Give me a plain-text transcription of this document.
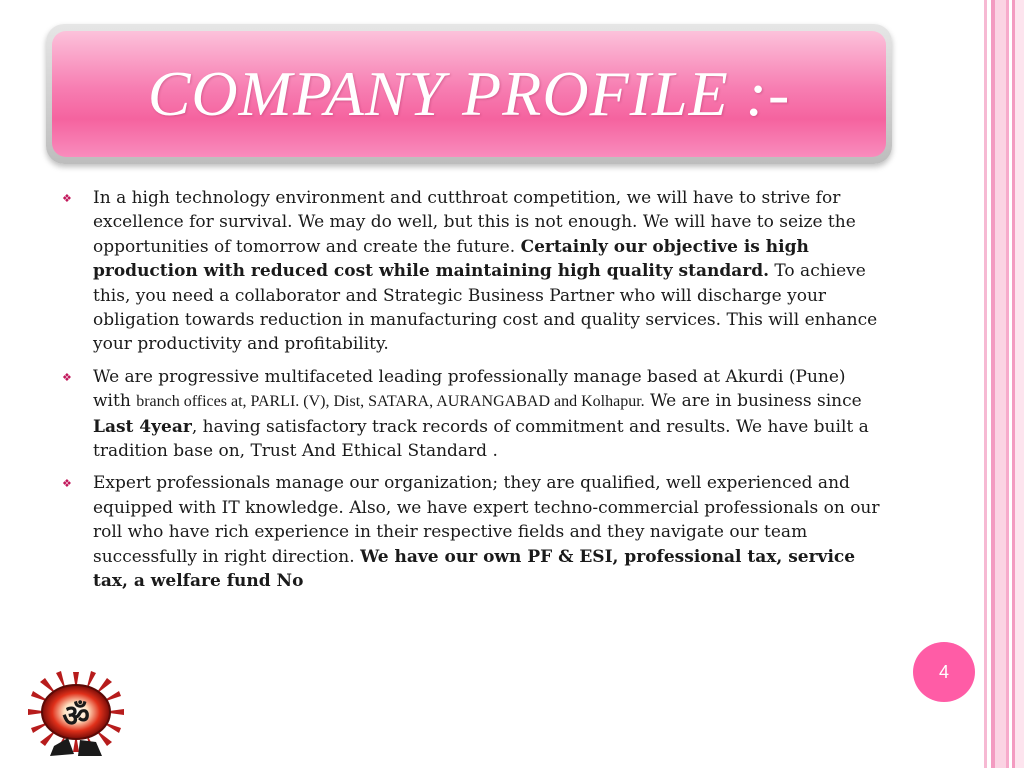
COMPANY PROFILE :-
❖ In a high technology environment and cutthroat competition, we will have to strive for excellence for survival. We may do well, but this is not enough. We will have to seize the opportunities of tomorrow and create the future. Certainly our objective is high production with reduced cost while maintaining high quality standard. To achieve this, you need a collaborator and Strategic Business Partner who will discharge your obligation towards reduction in manufacturing cost and quality services. This will enhance your productivity and profitability.
❖ We are progressive multifaceted leading professionally manage based at Akurdi (Pune) with branch offices at, PARLI. (V), Dist, SATARA, AURANGABAD and Kolhapur. We are in business since Last 4year, having satisfactory track records of commitment and results. We have built a tradition base on, Trust And Ethical Standard .
❖ Expert professionals manage our organization; they are qualified, well experienced and equipped with IT knowledge. Also, we have expert techno-commercial professionals on our roll who have rich experience in their respective fields and they navigate our team successfully in right direction. We have our own PF & ESI, professional tax, service tax, a welfare fund No
4
ॐ
